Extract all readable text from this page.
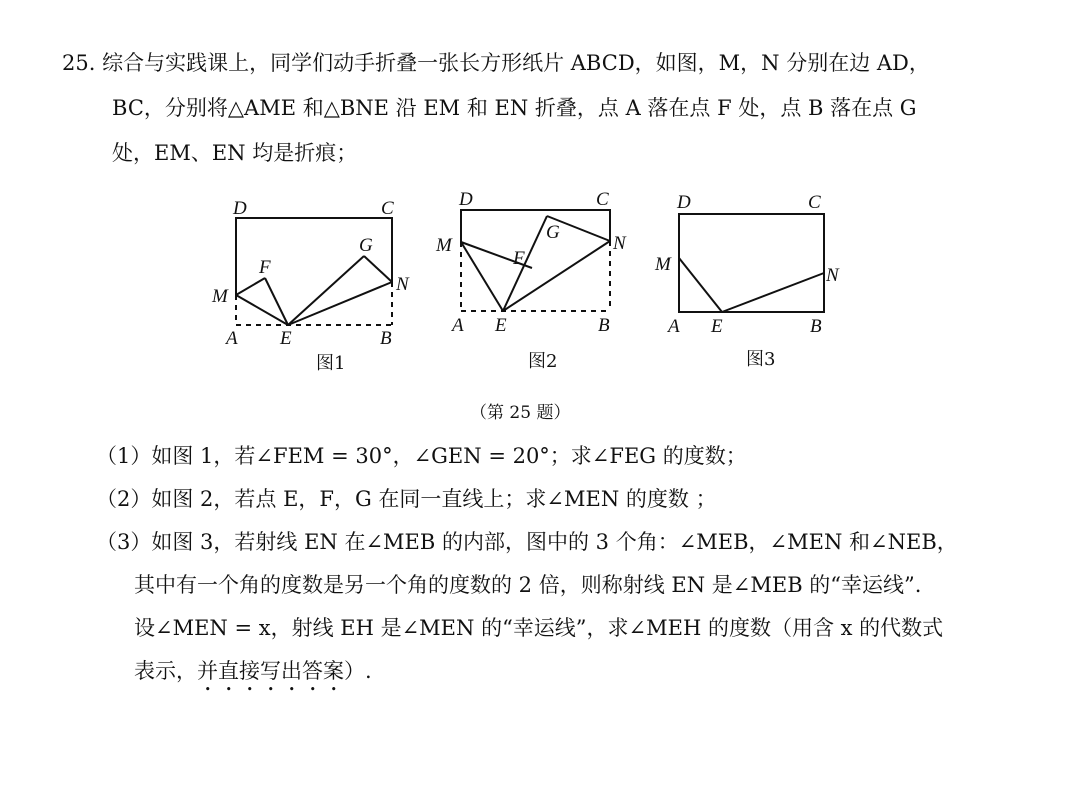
25. 综合与实践课上，同学们动手折叠一张长方形纸片 ABCD，如图，M，N 分别在边 AD，
BC，分别将△AME 和△BNE 沿 EM 和 EN 折叠，点 A 落在点 F 处，点 B 落在点 G
处，EM、EN 均是折痕；
D	C
M
N
F
G
A E	B
D	C
M	N
F
G
A E	B
D	C
M
N
A E	B
图1	图2	图3
（第 25 题）
（1）如图 1，若∠FEM = 30°，∠GEN = 20°；求∠FEG 的度数；
（2）如图 2，若点 E，F，G 在同一直线上；求∠MEN 的度数 ；
（3）如图 3，若射线 EN 在∠MEB 的内部，图中的 3 个角：∠MEB，∠MEN 和∠NEB，
其中有一个角的度数是另一个角的度数的 2 倍，则称射线 EN 是∠MEB 的“幸运线”.
设∠MEN = x，射线 EH 是∠MEN 的“幸运线”，求∠MEH 的度数（用含 x 的代数式
表示，并直接写出答案）.
